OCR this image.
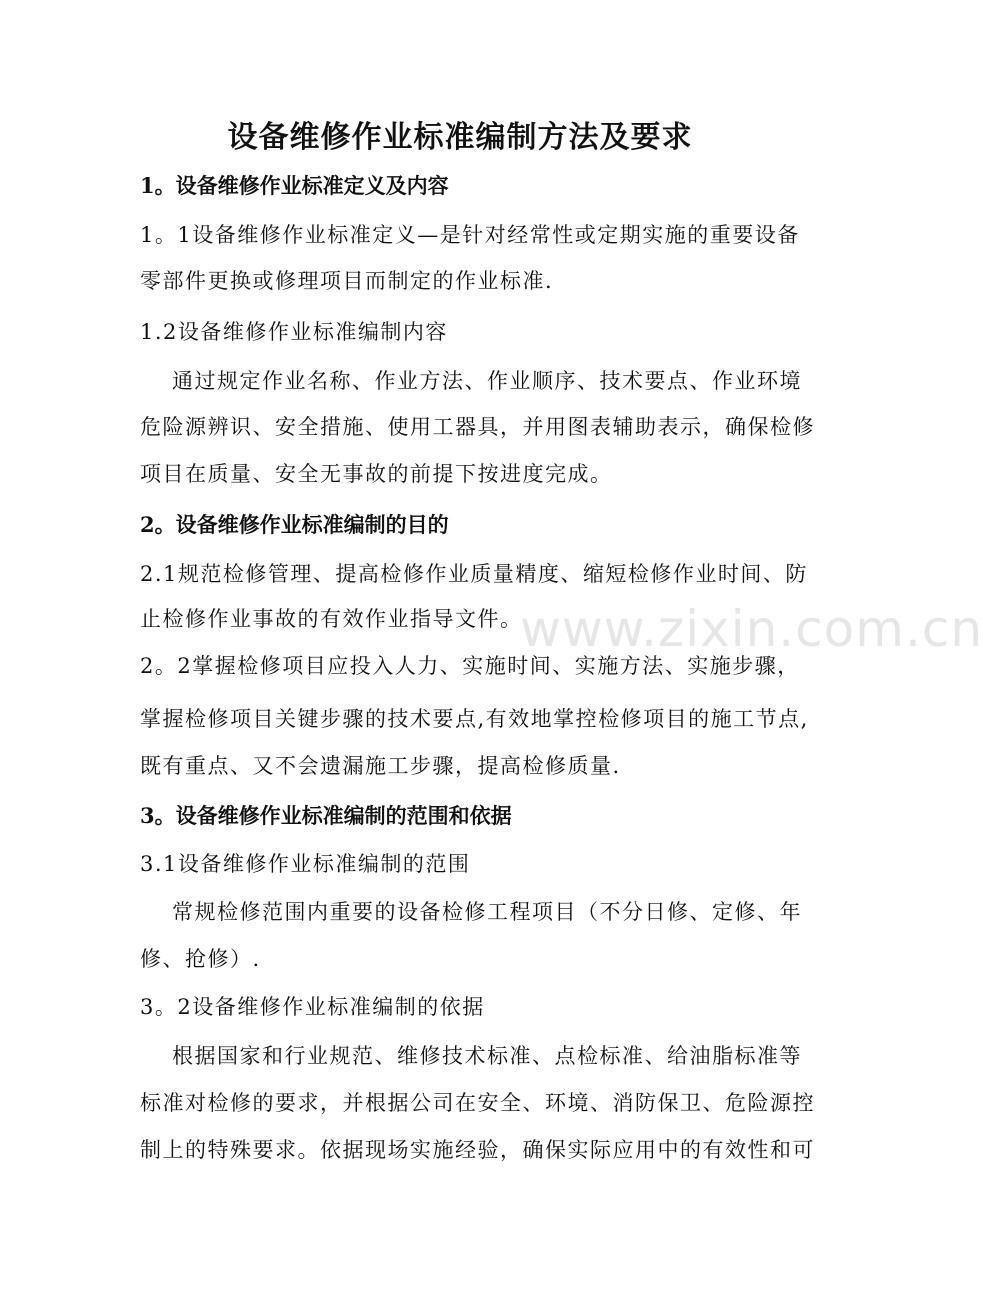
www.zixin.com.cn
设备维修作业标准编制方法及要求
1。设备维修作业标准定义及内容
1。1设备维修作业标准定义—是针对经常性或定期实施的重要设备
零部件更换或修理项目而制定的作业标准.
1.2设备维修作业标准编制内容
通过规定作业名称、作业方法、作业顺序、技术要点、作业环境
危险源辨识、安全措施、使用工器具，并用图表辅助表示，确保检修
项目在质量、安全无事故的前提下按进度完成。
2。设备维修作业标准编制的目的
2.1规范检修管理、提高检修作业质量精度、缩短检修作业时间、防
止检修作业事故的有效作业指导文件。
2。2掌握检修项目应投入人力、实施时间、实施方法、实施步骤，
掌握检修项目关键步骤的技术要点,有效地掌控检修项目的施工节点,
既有重点、又不会遗漏施工步骤，提高检修质量.
3。设备维修作业标准编制的范围和依据
3.1设备维修作业标准编制的范围
常规检修范围内重要的设备检修工程项目（不分日修、定修、年
修、抢修）.
3。2设备维修作业标准编制的依据
根据国家和行业规范、维修技术标准、点检标准、给油脂标准等
标准对检修的要求，并根据公司在安全、环境、消防保卫、危险源控
制上的特殊要求。依据现场实施经验，确保实际应用中的有效性和可
